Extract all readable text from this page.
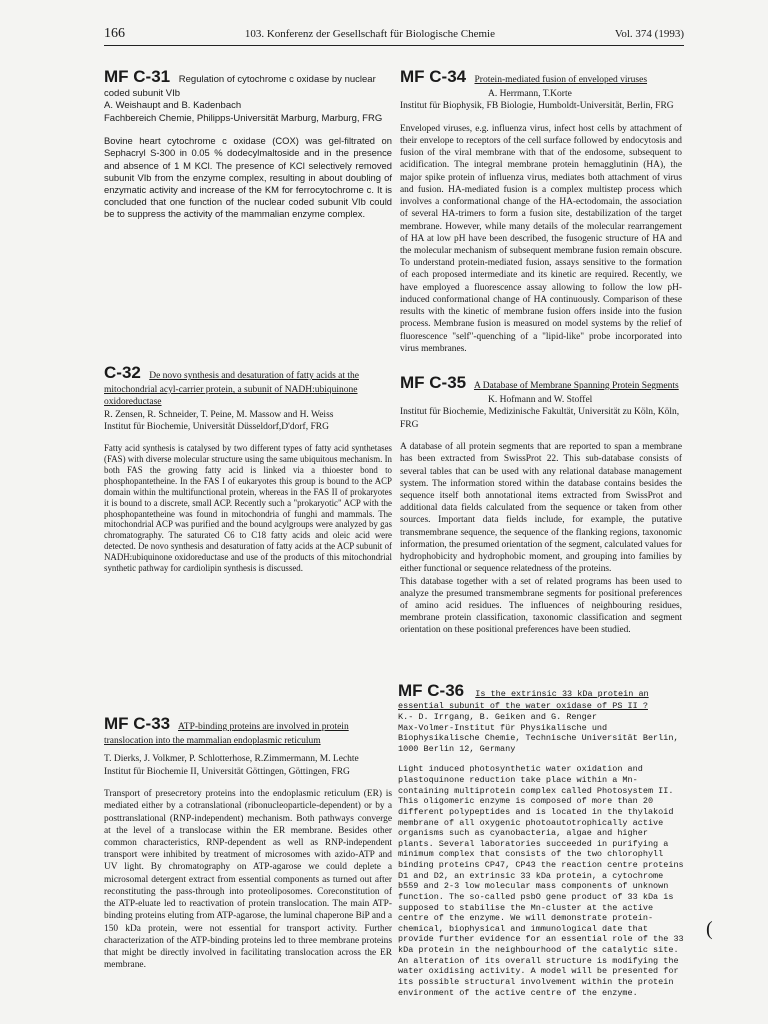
166	103. Konferenz der Gesellschaft für Biologische Chemie	Vol. 374 (1993)
MF C-31 Regulation of cytochrome c oxidase by nuclear coded subunit VIb
A. Weishaupt and B. Kadenbach
Fachbereich Chemie, Philipps-Universität Marburg, Marburg, FRG
Bovine heart cytochrome c oxidase (COX) was gel-filtrated on Sephacryl S-300 in 0.05 % dodecylmaltoside and in the presence and absence of 1 M KCl. The presence of KCl selectively removed subunit VIb from the enzyme complex, resulting in about doubling of enzymatic activity and increase of the KM for ferrocytochrome c. It is concluded that one function of the nuclear coded subunit VIb could be to suppress the activity of the mammalian enzyme complex.
MF C-34 Protein-mediated fusion of enveloped viruses
A. Herrmann, T.Korte
Institut für Biophysik, FB Biologie, Humboldt-Universität, Berlin, FRG
Enveloped viruses, e.g. influenza virus, infect host cells by attachment of their envelope to receptors of the cell surface followed by endocytosis and fusion of the viral membrane with that of the endosome, subsequent to acidification. The integral membrane protein hemagglutinin (HA), the major spike protein of influenza virus, mediates both attachment of virus and fusion. HA-mediated fusion is a complex multistep process which involves a conformational change of the HA-ectodomain, the association of several HA-trimers to form a fusion site, destabilization of the target membrane. However, while many details of the molecular rearrangement of HA at low pH have been described, the fusogenic structure of HA and the molecular mechanism of subsequent membrane fusion remain obscure. To understand protein-mediated fusion, assays sensitive to the formation of each proposed intermediate and its kinetic are required. Recently, we have employed a fluorescence assay allowing to follow the low pH-induced conformational change of HA continuously. Comparison of these results with the kinetic of membrane fusion offers inside into the fusion process. Membrane fusion is measured on model systems by the relief of fluorescence "self"-quenching of a "lipid-like" probe incorporated into virus membranes.
C-32 De novo synthesis and desaturation of fatty acids at the mitochondrial acyl-carrier protein, a subunit of NADH:ubiquinone oxidoreductase
R. Zensen, R. Schneider, T. Peine, M. Massow and H. Weiss
Institut für Biochemie, Universität Düsseldorf,D'dorf, FRG
Fatty acid synthesis is catalysed by two different types of fatty acid synthetases (FAS) with diverse molecular structure using the same ubiquitous mechanism. In both FAS the growing fatty acid is linked via a thioester bond to phosphopantetheine. In the FAS I of eukaryotes this group is bound to the ACP domain within the multifunctional protein, whereas in the FAS II of prokaryotes it is bound to a discrete, small ACP. Recently such a "prokaryotic" ACP with the phosphopantetheine was found in mitochondria of funghi and mammals. The mitochondrial ACP was purified and the bound acylgroups were analyzed by gas chromatography. The saturated C6 to C18 fatty acids and oleic acid were detected. De novo synthesis and desaturation of fatty acids at the ACP subunit of NADH:ubiquinone oxidoreductase and use of the products of this mitochondrial synthetic pathway for cardiolipin synthesis is discussed.
MF C-35 A Database of Membrane Spanning Protein Segments
K. Hofmann and W. Stoffel
Institut für Biochemie, Medizinische Fakultät, Universität zu Köln, Köln, FRG

A database of all protein segments that are reported to span a membrane has been extracted from SwissProt 22. This sub-database consists of several tables that can be used with any relational database management system. The information stored within the database contains besides the sequence itself both annotational items extracted from SwissProt and additional data fields calculated from the sequence or taken from other sources. Important data fields include, for example, the putative transmembrane sequence, the sequence of the flanking regions, taxonomic information, the presumed orientation of the segment, calculated values for hydrophobicity and hydrophobic moment, and grouping into families by either functional or sequence relatedness of the proteins.

This database together with a set of related programs has been used to analyze the presumed transmembrane segments for positional preferences of amino acid residues. The influences of neighbouring residues, membrane protein classification, taxonomic classification and segment orientation on these positional preferences have been studied.

MF C-33 ATP-binding proteins are involved in protein translocation into the mammalian endoplasmic reticulum
T. Dierks, J. Volkmer, P. Schlotterhose, R.Zimmermann, M. Lechte
Institut für Biochemie II, Universität Göttingen, Göttingen, FRG
Transport of presecretory proteins into the endoplasmic reticulum (ER) is mediated either by a cotranslational (ribonucleoparticle-dependent) or by a posttranslational (RNP-independent) mechanism. Both pathways converge at the level of a translocase within the ER membrane. Besides other common characteristics, RNP-dependent as well as RNP-independent transport were inhibited by treatment of microsomes with azido-ATP and UV light. By chromatography on ATP-agarose we could deplete a microsomal detergent extract from essential components as turned out after reconstituting the pass-through into proteoliposomes. Coreconstitution of the ATP-eluate led to reactivation of protein translocation. The main ATP-binding proteins eluting from ATP-agarose, the luminal chaperone BiP and a 150 kDa protein, were not essential for transport activity. Further characterization of the ATP-binding proteins led to three membrane proteins that might be directly involved in facilitating translocation across the ER membrane.
MF C-36 Is the extrinsic 33 kDa protein an essential subunit of the water oxidase of PS II ?
K.- D. Irrgang, B. Geiken and G. Renger
Max-Volmer-Institut für Physikalische und Biophysikalische Chemie, Technische Universität Berlin, 1000 Berlin 12, Germany
Light induced photosynthetic water oxidation and plastoquinone reduction take place within a Mn-containing multiprotein complex called Photosystem II. This oligomeric enzyme is composed of more than 20 different polypeptides and is located in the thylakoid membrane of all oxygenic photoautotrophically active organisms such as cyanobacteria, algae and higher plants. Several laboratories succeeded in purifying a minimum complex that consists of the two chlorophyll binding proteins CP47, CP43 the reaction centre proteins D1 and D2, an extrinsic 33 kDa protein, a cytochrome b559 and 2-3 low molecular mass components of unknown function. The so-called psbO gene product of 33 kDa is supposed to stabilise the Mn-cluster at the active centre of the enzyme. We will demonstrate protein-chemical, biophysical and immunological date that provide further evidence for an essential role of the 33 kDa protein in the neighbourhood of the catalytic site. An alteration of its overall structure is modifying the water oxidising activity. A model will be presented for its possible structural involvement within the protein environment of the active centre of the enzyme.
(
